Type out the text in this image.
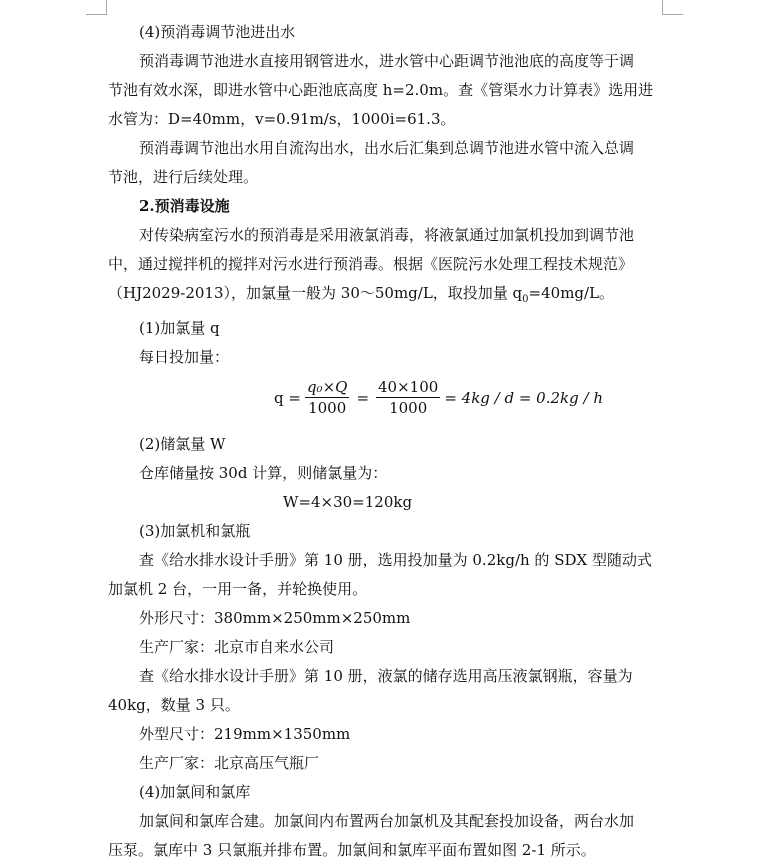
(4)预消毒调节池进出水

预消毒调节池进水直接用钢管进水，进水管中心距调节池池底的高度等于调

节池有效水深，即进水管中心距池底高度 h=2.0m。查《管渠水力计算表》选用进

水管为：D=40mm，v=0.91m/s，1000i=61.3。

预消毒调节池出水用自流沟出水，出水后汇集到总调节池进水管中流入总调

节池，进行后续处理。

2.预消毒设施

对传染病室污水的预消毒是采用液氯消毒，将液氯通过加氯机投加到调节池

中，通过搅拌机的搅拌对污水进行预消毒。根据《医院污水处理工程技术规范》

（HJ2029-2013），加氯量一般为 30～50mg/L，取投加量 $q_0=40mg/L$。

(1)加氯量 q

每日投加量：

$q = \frac{\text{q₀×Q}}{1000} = \frac{40\times 100}{1000} = 4kg / d = 0.2kg / h$

(2)储氯量 W

仓库储量按 30d 计算，则储氯量为：

W=4×30=120kg

(3)加氯机和氯瓶

查《给水排水设计手册》第 10 册，选用投加量为 0.2kg/h 的 SDX 型随动式

加氯机 2 台，一用一备，并轮换使用。

外形尺寸：380mm×250mm×250mm

生产厂家：北京市自来水公司

查《给水排水设计手册》第 10 册，液氯的储存选用高压液氯钢瓶，容量为

40kg，数量 3 只。

外型尺寸：219mm×1350mm

生产厂家：北京高压气瓶厂

(4)加氯间和氯库

加氯间和氯库合建。加氯间内布置两台加氯机及其配套投加设备，两台水加

压泵。氯库中 3 只氯瓶并排布置。加氯间和氯库平面布置如图 2-1 所示。
